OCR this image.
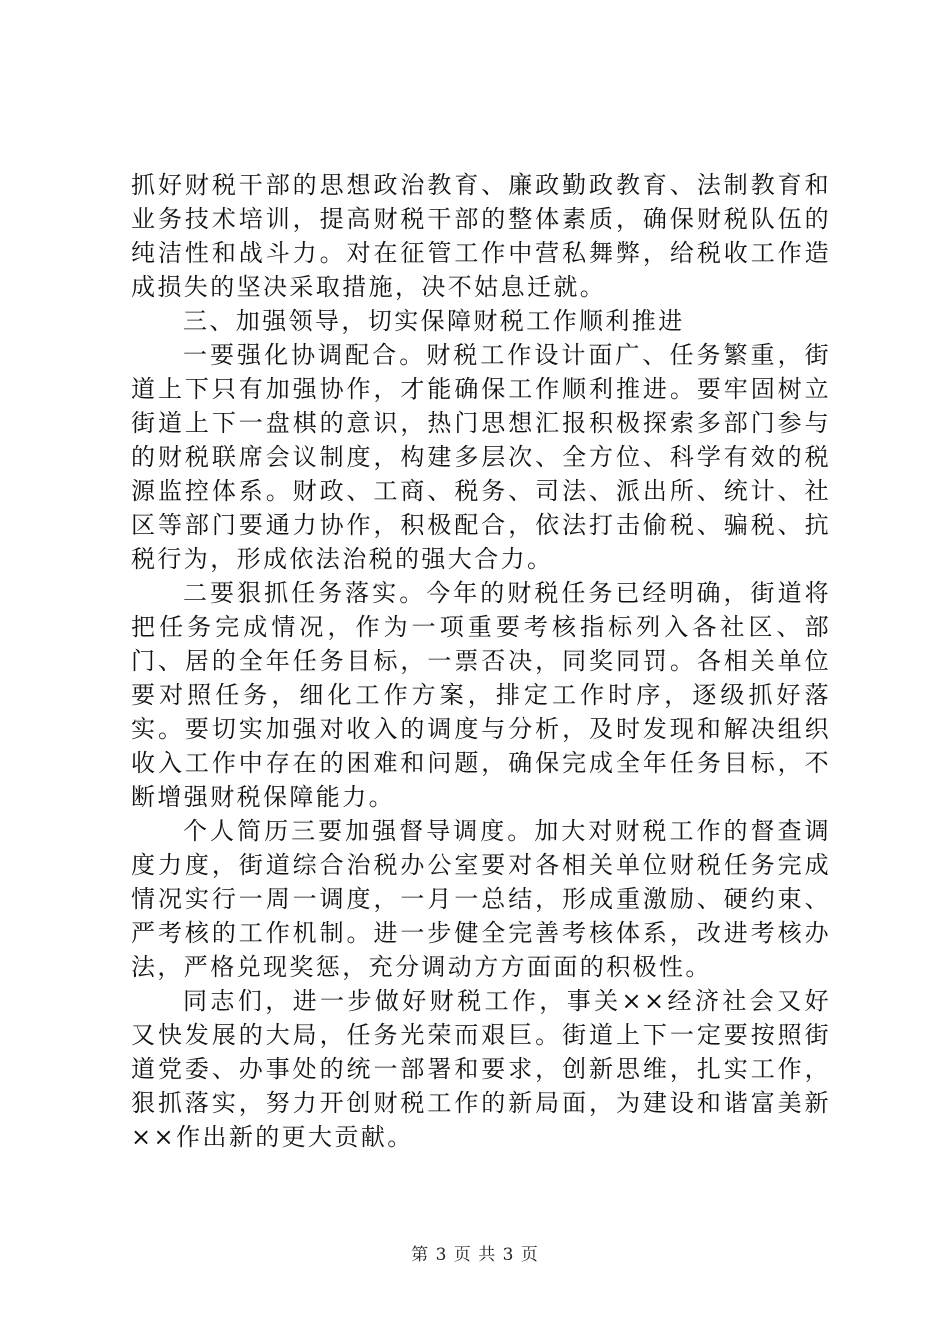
抓好财税干部的思想政治教育、廉政勤政教育、法制教育和业务技术培训，提高财税干部的整体素质，确保财税队伍的纯洁性和战斗力。对在征管工作中营私舞弊，给税收工作造成损失的坚决采取措施，决不姑息迁就。

三、加强领导，切实保障财税工作顺利推进

一要强化协调配合。财税工作设计面广、任务繁重，街道上下只有加强协作，才能确保工作顺利推进。要牢固树立街道上下一盘棋的意识，热门思想汇报积极探索多部门参与的财税联席会议制度，构建多层次、全方位、科学有效的税源监控体系。财政、工商、税务、司法、派出所、统计、社区等部门要通力协作，积极配合，依法打击偷税、骗税、抗税行为，形成依法治税的强大合力。

二要狠抓任务落实。今年的财税任务已经明确，街道将把任务完成情况，作为一项重要考核指标列入各社区、部门、居的全年任务目标，一票否决，同奖同罚。各相关单位要对照任务，细化工作方案，排定工作时序，逐级抓好落实。要切实加强对收入的调度与分析，及时发现和解决组织收入工作中存在的困难和问题，确保完成全年任务目标，不断增强财税保障能力。

个人简历三要加强督导调度。加大对财税工作的督查调度力度，街道综合治税办公室要对各相关单位财税任务完成情况实行一周一调度，一月一总结，形成重激励、硬约束、严考核的工作机制。进一步健全完善考核体系，改进考核办法，严格兑现奖惩，充分调动方方面面的积极性。

同志们，进一步做好财税工作，事关××经济社会又好又快发展的大局，任务光荣而艰巨。街道上下一定要按照街道党委、办事处的统一部署和要求，创新思维，扎实工作，狠抓落实，努力开创财税工作的新局面，为建设和谐富美新××作出新的更大贡献。

第 3 页 共 3 页
